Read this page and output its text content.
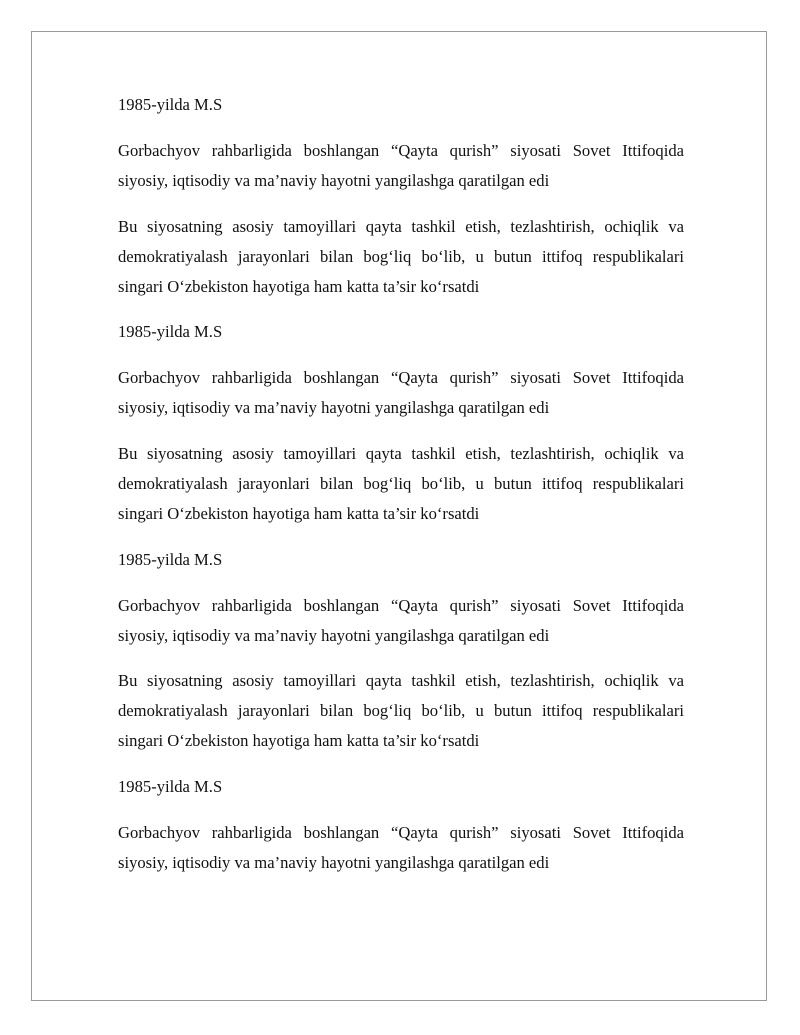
1985-yilda M.S

Gorbachyov rahbarligida boshlangan “Qayta qurish” siyosati Sovet Ittifoqida siyosiy, iqtisodiy va ma’naviy hayotni yangilashga qaratilgan edi

Bu siyosatning asosiy tamoyillari qayta tashkil etish, tezlashtirish, ochiqlik va demokratiyalash jarayonlari bilan bog‘liq bo‘lib, u butun ittifoq respublikalari singari O‘zbekiston hayotiga ham katta ta’sir ko‘rsatdi

1985-yilda M.S

Gorbachyov rahbarligida boshlangan “Qayta qurish” siyosati Sovet Ittifoqida siyosiy, iqtisodiy va ma’naviy hayotni yangilashga qaratilgan edi

Bu siyosatning asosiy tamoyillari qayta tashkil etish, tezlashtirish, ochiqlik va demokratiyalash jarayonlari bilan bog‘liq bo‘lib, u butun ittifoq respublikalari singari O‘zbekiston hayotiga ham katta ta’sir ko‘rsatdi

1985-yilda M.S

Gorbachyov rahbarligida boshlangan “Qayta qurish” siyosati Sovet Ittifoqida siyosiy, iqtisodiy va ma’naviy hayotni yangilashga qaratilgan edi

Bu siyosatning asosiy tamoyillari qayta tashkil etish, tezlashtirish, ochiqlik va demokratiyalash jarayonlari bilan bog‘liq bo‘lib, u butun ittifoq respublikalari singari O‘zbekiston hayotiga ham katta ta’sir ko‘rsatdi

1985-yilda M.S

Gorbachyov rahbarligida boshlangan “Qayta qurish” siyosati Sovet Ittifoqida siyosiy, iqtisodiy va ma’naviy hayotni yangilashga qaratilgan edi
